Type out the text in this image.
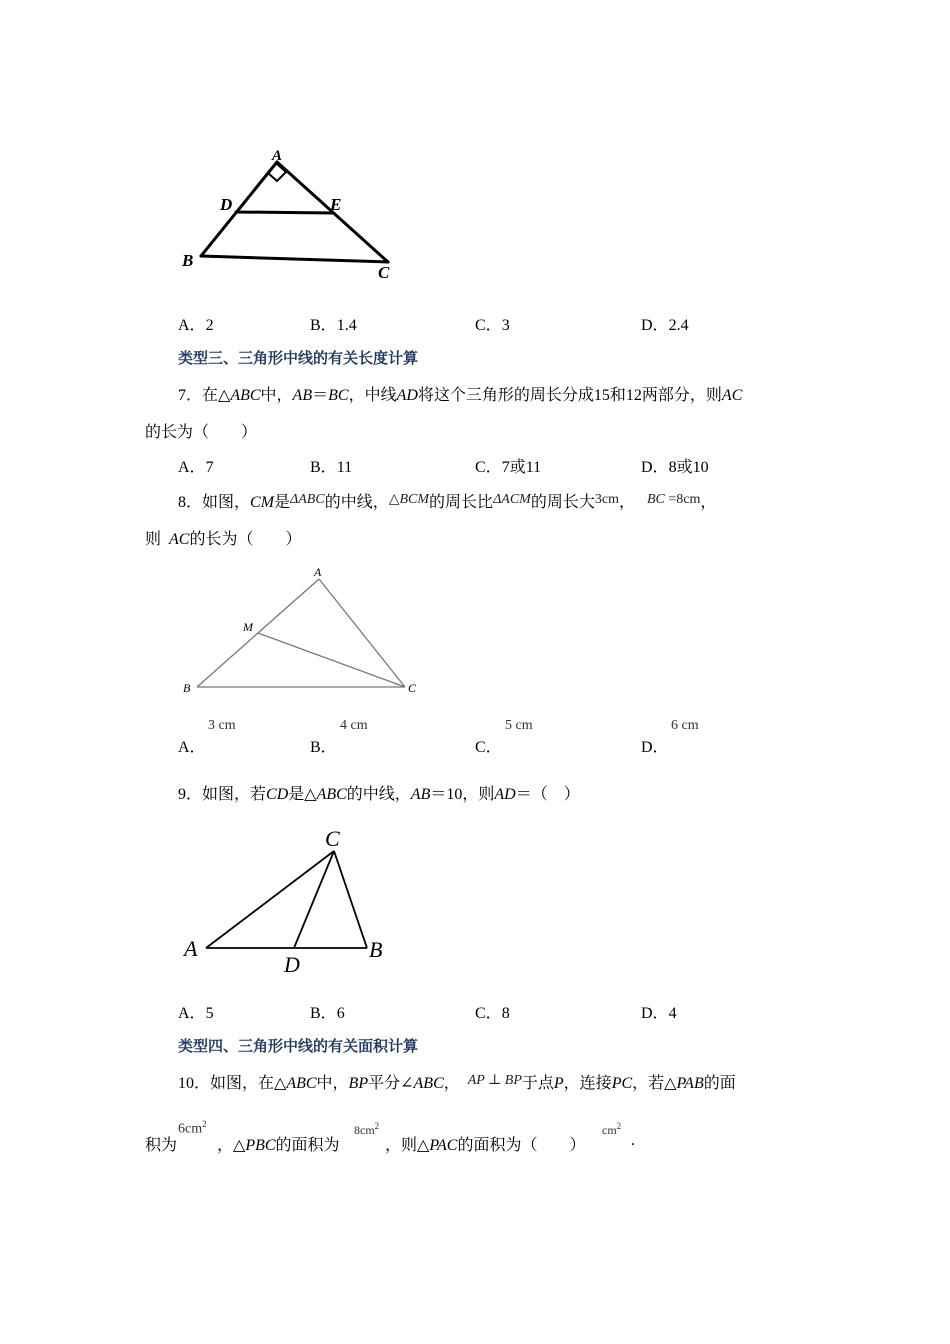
A
D	E
B
C
A．2	B．1.4	C．3	D．2.4
类型三、三角形中线的有关长度计算
7．在△ABC中，AB＝BC，中线AD将这个三角形的周长分成15和12两部分，则AC
的长为（　　）
A．7	B．11	C．7或11	D．8或10
8．如图，CM是ΔABC的中线，△BCM的周长比ΔACM的周长大3cm， BC =8cm，
则 AC的长为（　　）
A
M
B	C
A．
3 cm
B．
4 cm
C．
5 cm
D．
6 cm
9．如图，若CD是△ABC的中线，AB＝10，则AD＝（　）
C
A	B
D
A．5	B．6	C．8	D．4
类型四、三角形中线的有关面积计算
10．如图，在△ABC中，BP平分∠ABC， AP ⊥ BP于点P，连接PC，若△PAB的面
积为
$6cm^2$
，△PBC的面积为
$8cm^2$
，则△PAC的面积为（　　）
$cm^2$
.
